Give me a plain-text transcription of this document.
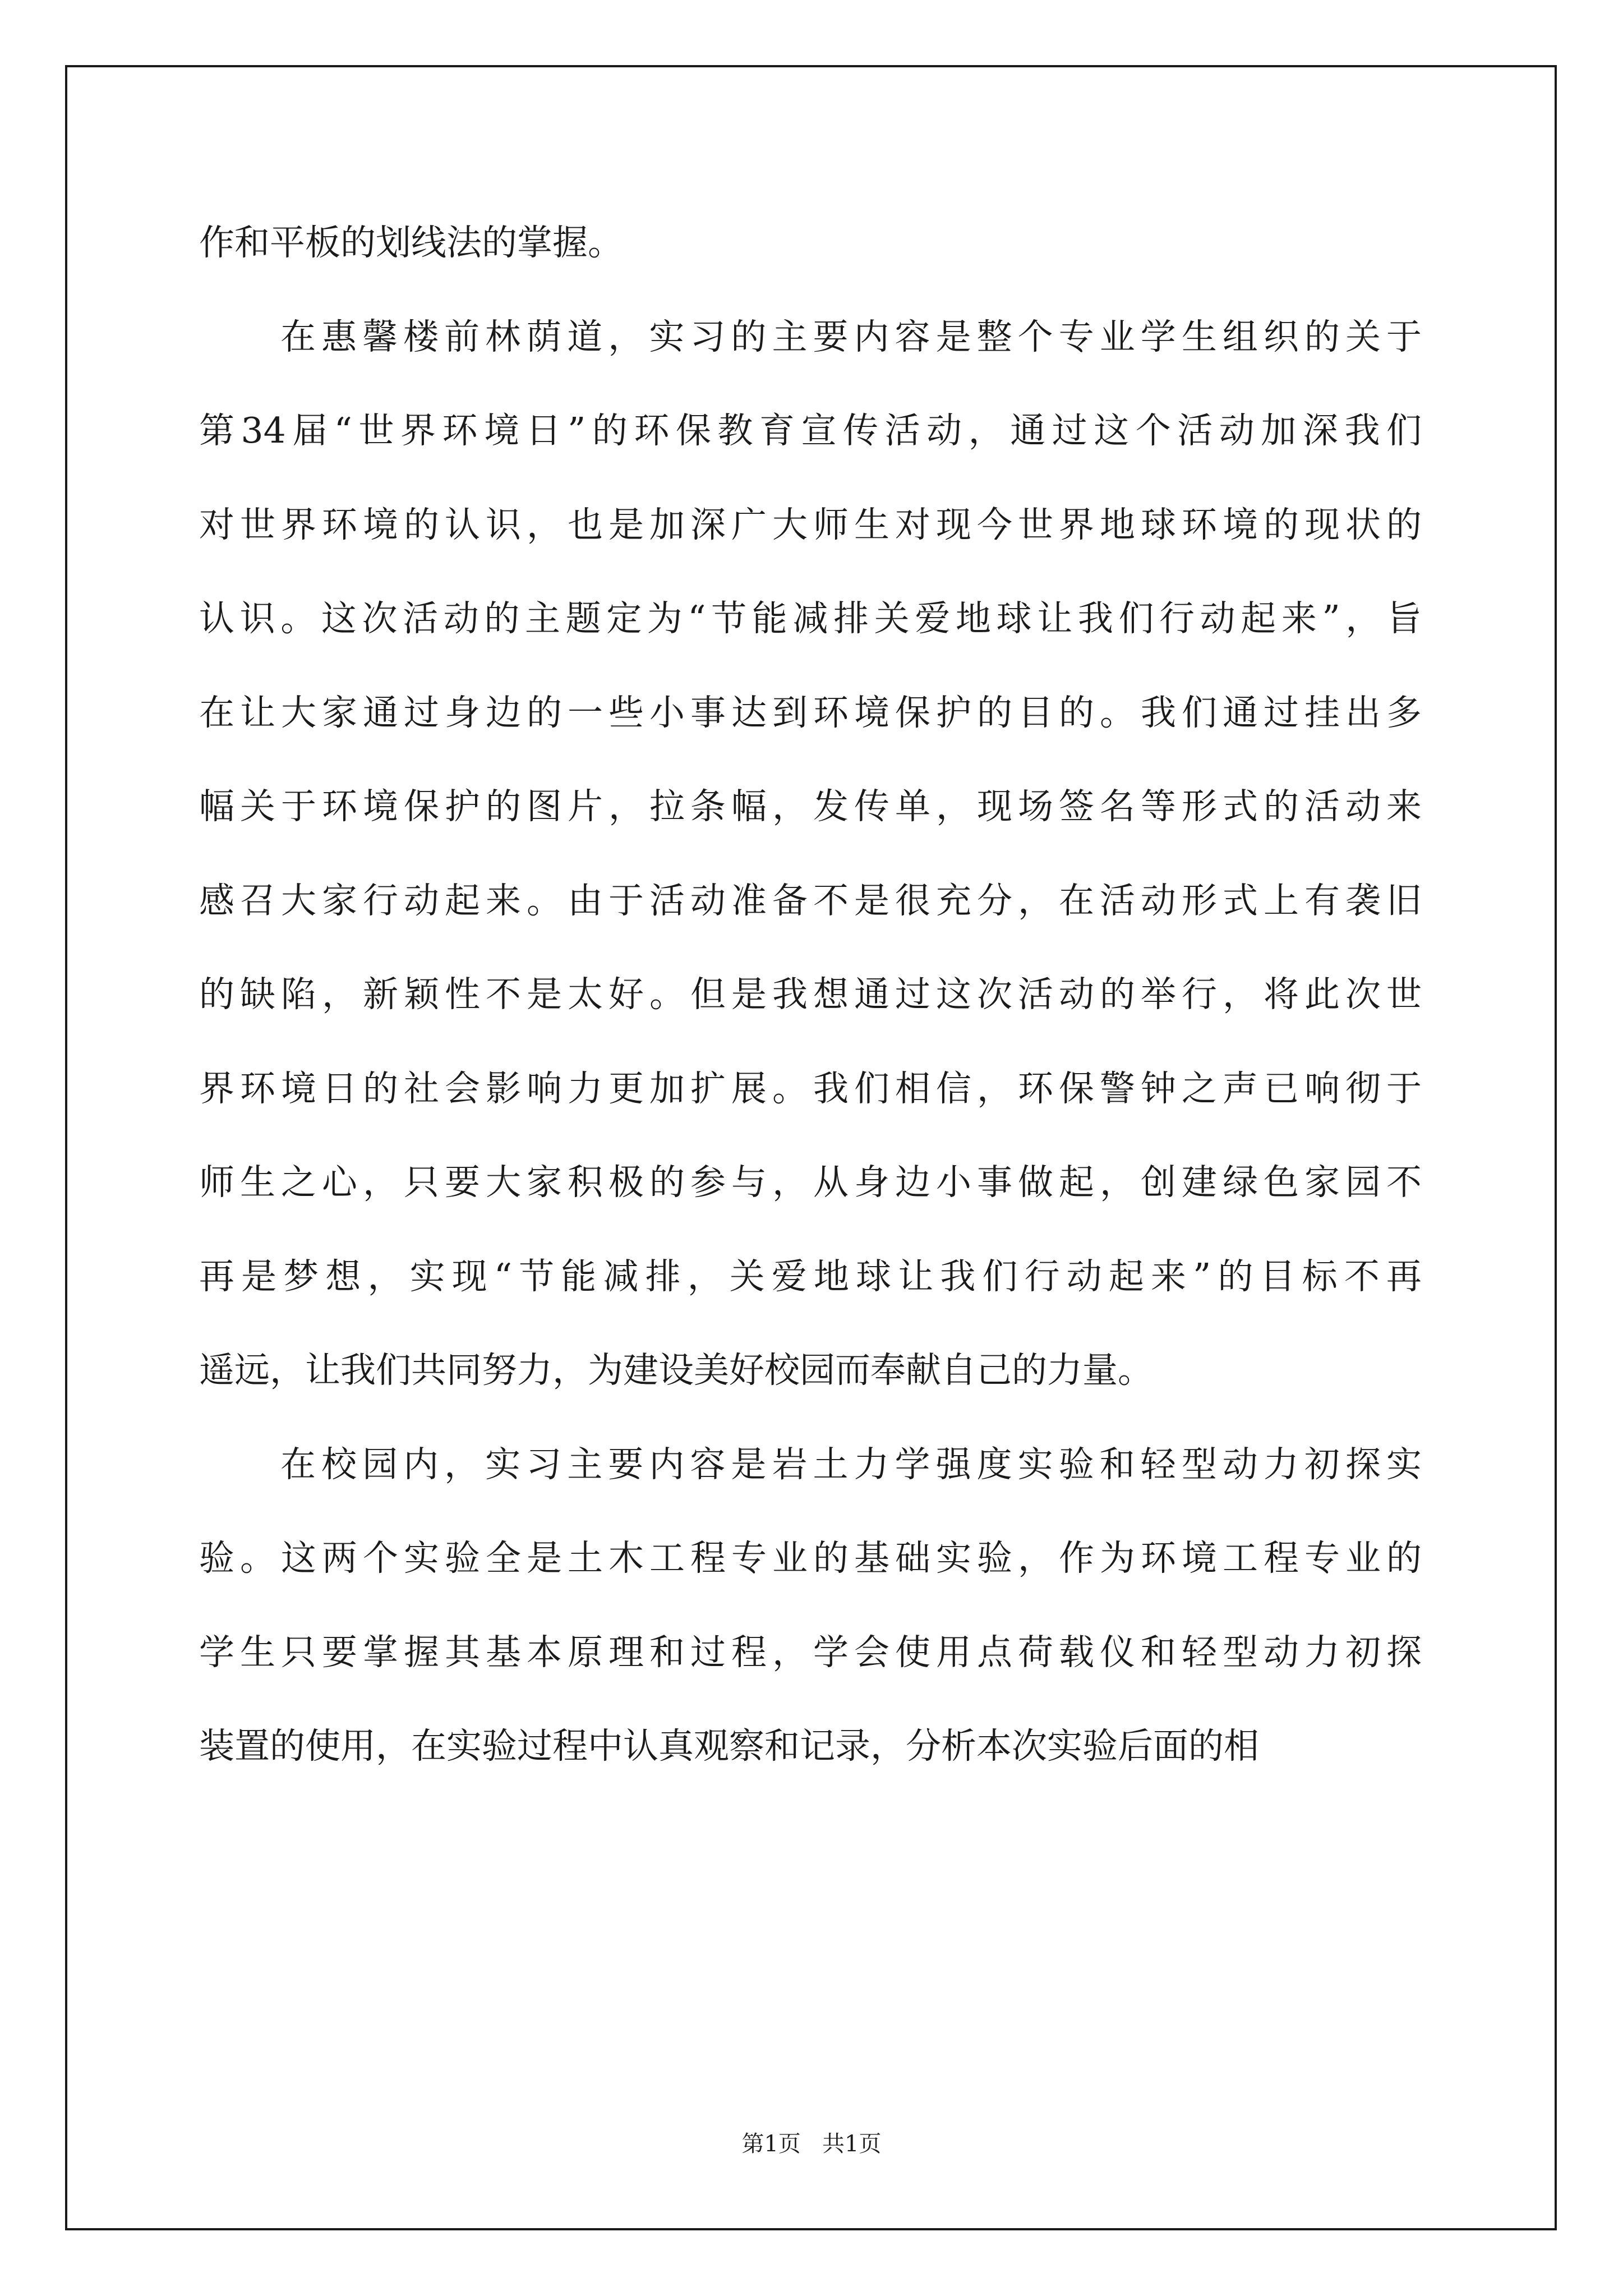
作和平板的划线法的掌握。
在惠馨楼前林荫道，实习的主要内容是整个专业学生组织的关于
第34届“世界环境日”的环保教育宣传活动，通过这个活动加深我们
对世界环境的认识，也是加深广大师生对现今世界地球环境的现状的
认识。这次活动的主题定为“节能减排关爱地球让我们行动起来”，旨
在让大家通过身边的一些小事达到环境保护的目的。我们通过挂出多
幅关于环境保护的图片，拉条幅，发传单，现场签名等形式的活动来
感召大家行动起来。由于活动准备不是很充分，在活动形式上有袭旧
的缺陷，新颖性不是太好。但是我想通过这次活动的举行，将此次世
界环境日的社会影响力更加扩展。我们相信，环保警钟之声已响彻于
师生之心，只要大家积极的参与，从身边小事做起，创建绿色家园不
再是梦想，实现“节能减排，关爱地球让我们行动起来”的目标不再
遥远，让我们共同努力，为建设美好校园而奉献自己的力量。
在校园内，实习主要内容是岩土力学强度实验和轻型动力初探实
验。这两个实验全是土木工程专业的基础实验，作为环境工程专业的
学生只要掌握其基本原理和过程，学会使用点荷载仪和轻型动力初探
装置的使用，在实验过程中认真观察和记录，分析本次实验后面的相
第1页   共1页
